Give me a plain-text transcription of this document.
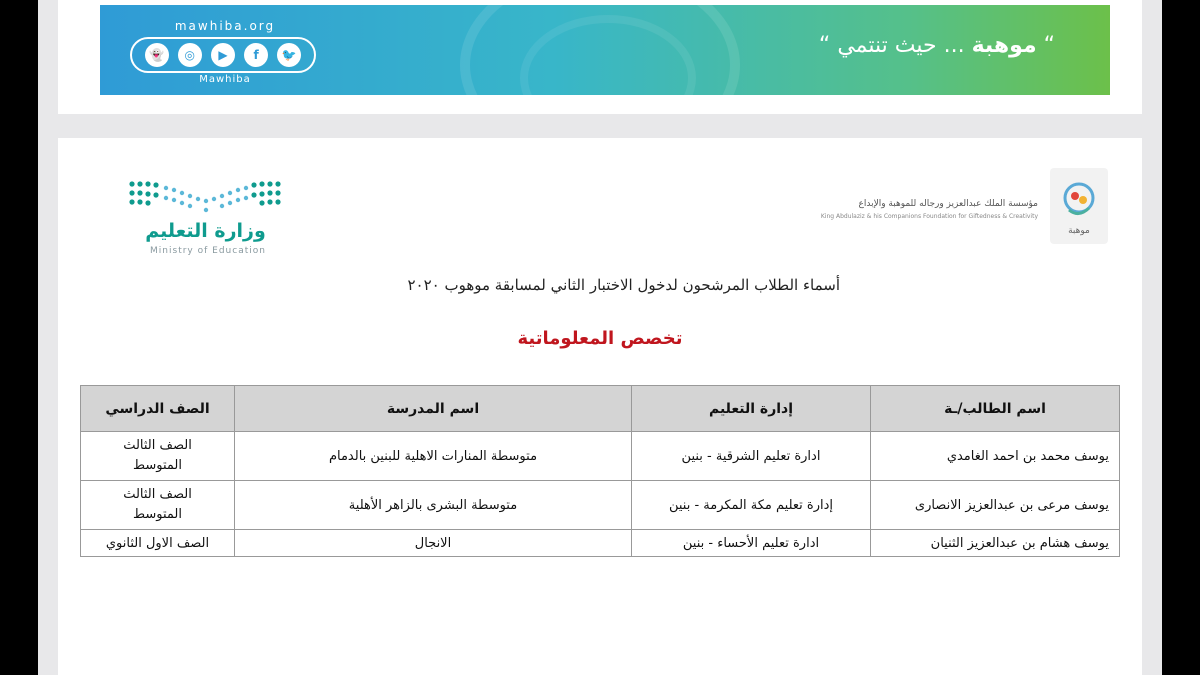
mawhiba.org
👻	◎	▶	f	🐦
Mawhiba
“ موهبة ... حيث تنتمي “
وزارة التعليم
Ministry of Education
موهبة
مؤسسة الملك عبدالعزيز ورجاله للموهبة والإبداع
King Abdulaziz & his Companions Foundation for Giftedness & Creativity
أسماء الطلاب المرشحون لدخول الاختبار الثاني لمسابقة موهوب ٢٠٢٠
تخصص المعلوماتية
اسم الطالب/ـة	إدارة التعليم	اسم المدرسة	الصف الدراسي
يوسف محمد بن احمد الغامدي	ادارة تعليم الشرقية - بنين	متوسطة المنارات الاهلية للبنين بالدمام	الصف الثالث
المتوسط
يوسف مرعى بن عبدالعزيز الانصارى	إدارة تعليم مكة المكرمة - بنين	متوسطة البشرى بالزاهر الأهلية	الصف الثالث
المتوسط
يوسف هشام بن عبدالعزيز الثنيان	ادارة تعليم الأحساء - بنين	الانجال	الصف الاول الثانوي
